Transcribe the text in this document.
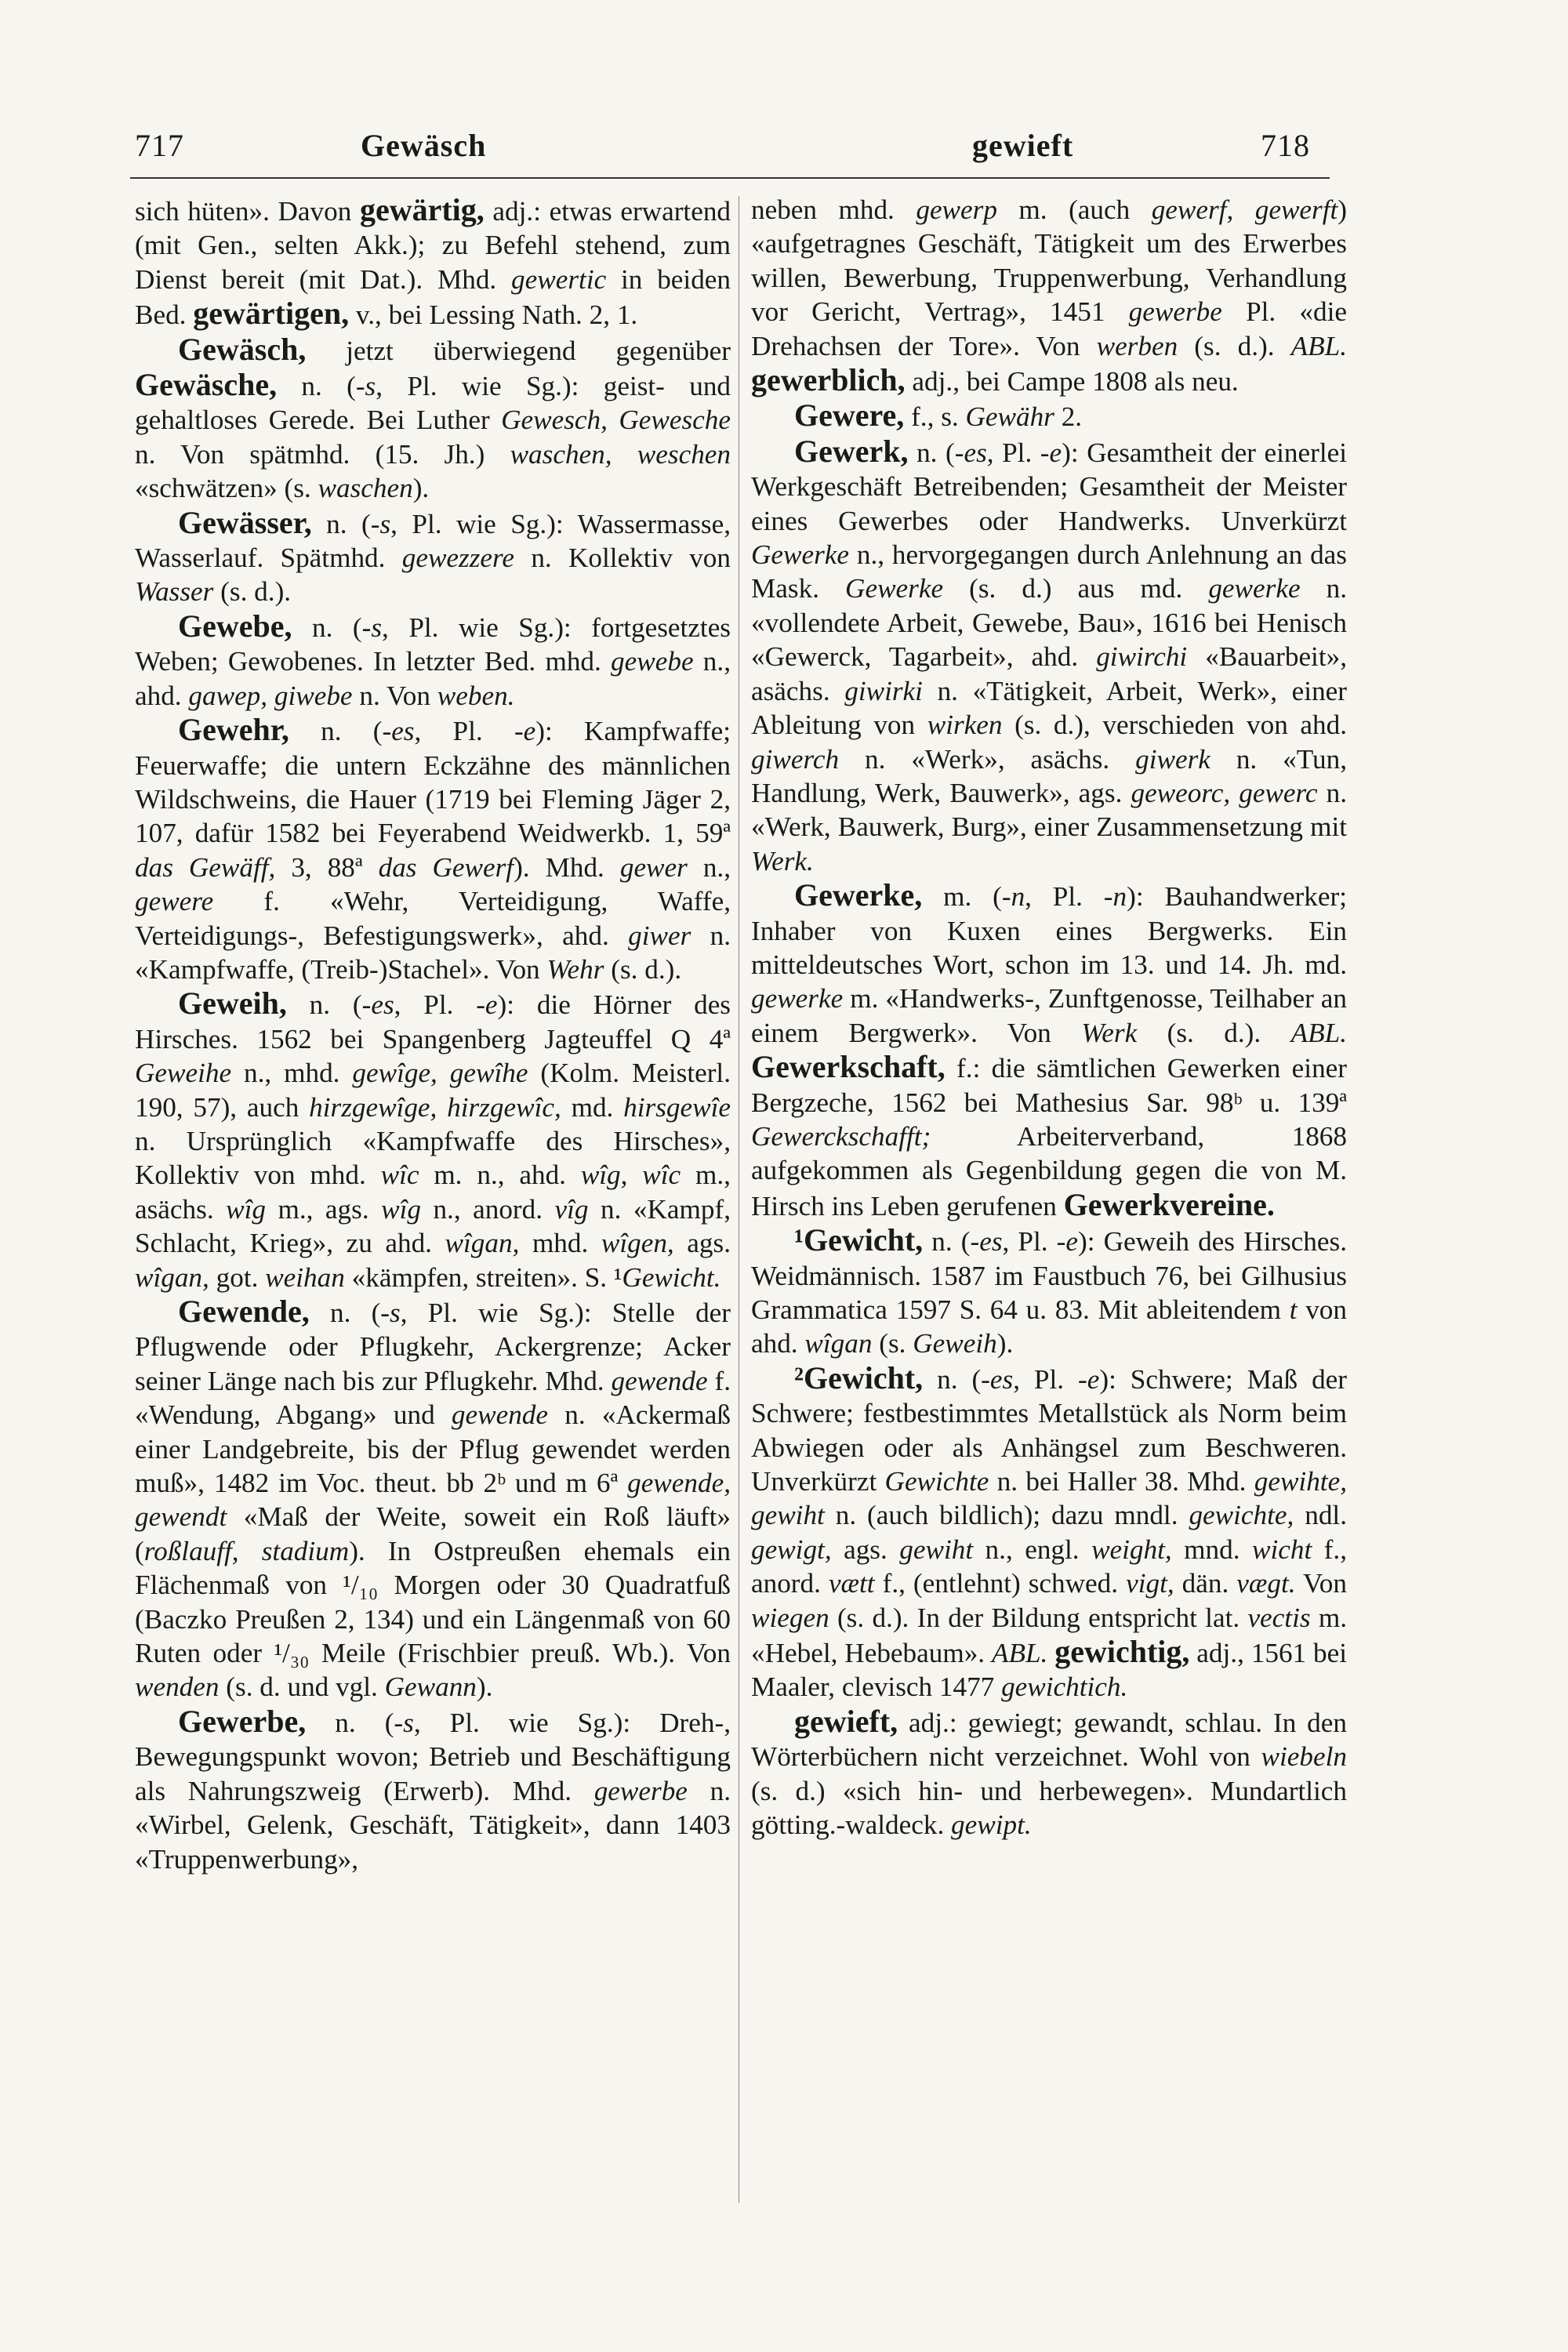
717	Gewäsch	gewieft	718

sich hüten». Davon gewärtig, adj.: etwas erwartend (mit Gen., selten Akk.); zu Befehl stehend, zum Dienst bereit (mit Dat.). Mhd. gewertic in beiden Bed. gewärtigen, v., bei Lessing Nath. 2, 1.

Gewäsch, jetzt überwiegend gegenüber Gewäsche, n. (-s, Pl. wie Sg.): geist- und gehaltloses Gerede. Bei Luther Gewesch, Gewesche n. Von spätmhd. (15. Jh.) waschen, weschen «schwätzen» (s. waschen).

Gewässer, n. (-s, Pl. wie Sg.): Wassermasse, Wasserlauf. Spätmhd. gewezzere n. Kollektiv von Wasser (s. d.).

Gewebe, n. (-s, Pl. wie Sg.): fortgesetztes Weben; Gewobenes. In letzter Bed. mhd. gewebe n., ahd. gawep, giwebe n. Von weben.

Gewehr, n. (-es, Pl. -e): Kampfwaffe; Feuerwaffe; die untern Eckzähne des männlichen Wildschweins, die Hauer (1719 bei Fleming Jäger 2, 107, dafür 1582 bei Feyerabend Weidwerkb. 1, 59ª das Gewäff, 3, 88ª das Gewerf). Mhd. gewer n., gewere f. «Wehr, Verteidigung, Waffe, Verteidigungs-, Befestigungswerk», ahd. giwer n. «Kampfwaffe, (Treib-)Stachel». Von Wehr (s. d.).

Geweih, n. (-es, Pl. -e): die Hörner des Hirsches. 1562 bei Spangenberg Jagteuffel Q 4ª Geweihe n., mhd. gewîge, gewîhe (Kolm. Meisterl. 190, 57), auch hirzgewîge, hirzgewîc, md. hirsgewîe n. Ursprünglich «Kampfwaffe des Hirsches», Kollektiv von mhd. wîc m. n., ahd. wîg, wîc m., asächs. wîg m., ags. wîg n., anord. vîg n. «Kampf, Schlacht, Krieg», zu ahd. wîgan, mhd. wîgen, ags. wîgan, got. weihan «kämpfen, streiten». S. ¹Gewicht.

Gewende, n. (-s, Pl. wie Sg.): Stelle der Pflugwende oder Pflugkehr, Ackergrenze; Acker seiner Länge nach bis zur Pflugkehr. Mhd. gewende f. «Wendung, Abgang» und gewende n. «Ackermaß einer Landgebreite, bis der Pflug gewendet werden muß», 1482 im Voc. theut. bb 2ᵇ und m 6ª gewende, gewendt «Maß der Weite, soweit ein Roß läuft» (roßlauff, stadium). In Ostpreußen ehemals ein Flächenmaß von ¹/₁₀ Morgen oder 30 Quadratfuß (Baczko Preußen 2, 134) und ein Längenmaß von 60 Ruten oder ¹/₃₀ Meile (Frischbier preuß. Wb.). Von wenden (s. d. und vgl. Gewann).

Gewerbe, n. (-s, Pl. wie Sg.): Dreh-, Bewegungspunkt wovon; Betrieb und Beschäftigung als Nahrungszweig (Erwerb). Mhd. gewerbe n. «Wirbel, Gelenk, Geschäft, Tätigkeit», dann 1403 «Truppenwerbung»,

neben mhd. gewerp m. (auch gewerf, gewerft) «aufgetragnes Geschäft, Tätigkeit um des Erwerbes willen, Bewerbung, Truppenwerbung, Verhandlung vor Gericht, Vertrag», 1451 gewerbe Pl. «die Drehachsen der Tore». Von werben (s. d.). ABL. gewerblich, adj., bei Campe 1808 als neu.

Gewere, f., s. Gewähr 2.

Gewerk, n. (-es, Pl. -e): Gesamtheit der einerlei Werkgeschäft Betreibenden; Gesamtheit der Meister eines Gewerbes oder Handwerks. Unverkürzt Gewerke n., hervorgegangen durch Anlehnung an das Mask. Gewerke (s. d.) aus md. gewerke n. «vollendete Arbeit, Gewebe, Bau», 1616 bei Henisch «Gewerck, Tagarbeit», ahd. giwirchi «Bauarbeit», asächs. giwirki n. «Tätigkeit, Arbeit, Werk», einer Ableitung von wirken (s. d.), verschieden von ahd. giwerch n. «Werk», asächs. giwerk n. «Tun, Handlung, Werk, Bauwerk», ags. geweorc, gewerc n. «Werk, Bauwerk, Burg», einer Zusammensetzung mit Werk.

Gewerke, m. (-n, Pl. -n): Bauhandwerker; Inhaber von Kuxen eines Bergwerks. Ein mitteldeutsches Wort, schon im 13. und 14. Jh. md. gewerke m. «Handwerks-, Zunftgenosse, Teilhaber an einem Bergwerk». Von Werk (s. d.). ABL. Gewerkschaft, f.: die sämtlichen Gewerken einer Bergzeche, 1562 bei Mathesius Sar. 98ᵇ u. 139ª Gewerckschafft; Arbeiterverband, 1868 aufgekommen als Gegenbildung gegen die von M. Hirsch ins Leben gerufenen Gewerkvereine.

¹Gewicht, n. (-es, Pl. -e): Geweih des Hirsches. Weidmännisch. 1587 im Faustbuch 76, bei Gilhusius Grammatica 1597 S. 64 u. 83. Mit ableitendem t von ahd. wîgan (s. Geweih).

²Gewicht, n. (-es, Pl. -e): Schwere; Maß der Schwere; festbestimmtes Metallstück als Norm beim Abwiegen oder als Anhängsel zum Beschweren. Unverkürzt Gewichte n. bei Haller 38. Mhd. gewihte, gewiht n. (auch bildlich); dazu mndl. gewichte, ndl. gewigt, ags. gewiht n., engl. weight, mnd. wicht f., anord. vætt f., (entlehnt) schwed. vigt, dän. vægt. Von wiegen (s. d.). In der Bildung entspricht lat. vectis m. «Hebel, Hebebaum». ABL. gewichtig, adj., 1561 bei Maaler, clevisch 1477 gewichtich.

gewieft, adj.: gewiegt; gewandt, schlau. In den Wörterbüchern nicht verzeichnet. Wohl von wiebeln (s. d.) «sich hin- und herbewegen». Mundartlich götting.-waldeck. gewipt.
